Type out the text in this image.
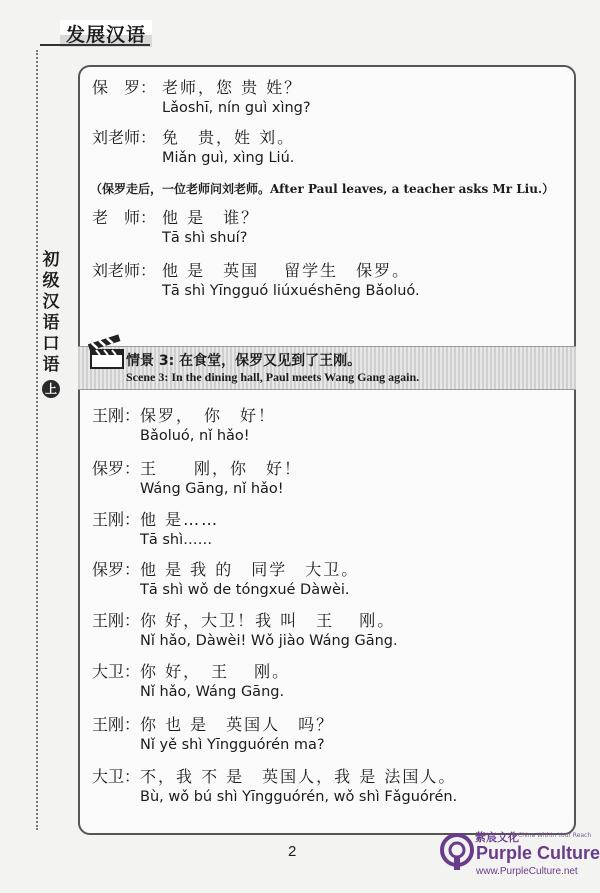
发展汉语
初
级
汉
语
口
语
上
保　罗： 老师，您 贵 姓？
Lǎoshī, nín guì xìng?
刘老师： 免　贵，姓 刘。
Miǎn guì, xìng Liú.
（保罗走后，一位老师问刘老师。After Paul leaves, a teacher asks Mr Liu.）
老　师： 他 是　谁？
Tā shì shuí?
刘老师： 他 是　英国　 留学生　保罗。
Tā shì Yīngguó liúxuéshēng Bǎoluó.
情景 3: 在食堂，保罗又见到了王刚。
Scene 3: In the dining hall, Paul meets Wang Gang again.
王刚： 保罗，　你　好！
Bǎoluó, nǐ hǎo!
保罗： 王　　刚，你　好！
Wáng Gāng, nǐ hǎo!
王刚： 他 是……
Tā shì……
保罗： 他 是 我 的　同学　大卫。
Tā shì wǒ de tóngxué Dàwèi.
王刚： 你 好，大卫！我 叫　王　 刚。
Nǐ hǎo, Dàwèi! Wǒ jiào Wáng Gāng.
大卫： 你 好，　王　 刚。
Nǐ hǎo, Wáng Gāng.
王刚： 你 也 是　英国人　吗？
Nǐ yě shì Yīngguórén ma?
大卫： 不，我 不 是　英国人，我 是 法国人。
Bù, wǒ bú shì Yīngguórén, wǒ shì Fǎguórén.
2
紫宸文化
A China Within Your Reach
Purple Culture
www.PurpleCulture.net
